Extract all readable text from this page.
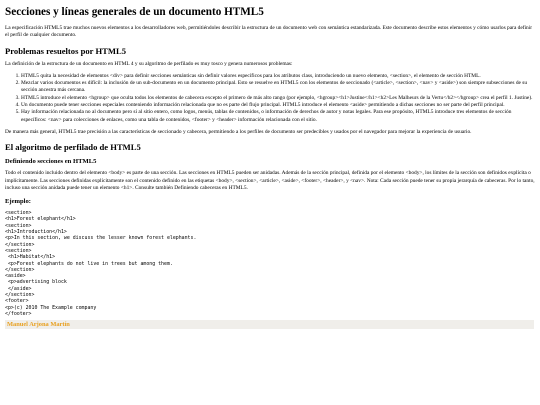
Secciones y líneas generales de un documento HTML5

La especificación HTML5 trae muchos nuevos elementos a los desarrolladores web, permitiéndoles describir la estructura de un documento web con semántica estandarizada. Este documento describe estos elementos y cómo usarlos para definir el perfil de cualquier documento.

Problemas resueltos por HTML5

La definición de la estructura de un documento en HTML 4 y su algoritmo de perfilado es muy tosco y genera numerosos problemas:

1. HTML5 quita la necesidad de elementos <div> para definir secciones semánticas sin definir valores específicos para los atributos class, introduciendo un nuevo elemento, <section>, el elemento de sección HTML.
2. Mezclar varios documentos es difícil: la inclusión de un sub-documento en un documento principal. Esto se resuelve en HTML5 con los elementos de seccionado (<article>, <section>, <nav> y <aside>) son siempre subsecciones de su sección ancestra más cercana.
3. HTML5 introduce el elemento <hgroup> que oculta todos los elementos de cabecera excepto el primero de más alto rango (por ejemplo, <hgroup><h1>Justine</h1><h2>Les Malheurs de la Vertu</h2></hgroup> crea el perfil 1. Justine).
4. Un documento puede tener secciones especiales conteniendo información relacionada que no es parte del flujo principal. HTML5 introduce el elemento <aside> permitiendo a dichas secciones no ser parte del perfil principal.
5. Hay información relacionada no al documento pero sí al sitio entero, como logos, menús, tablas de contenidos, o información de derechos de autor y notas legales. Para ese propósito, HTML5 introduce tres elementos de sección específicos: <nav> para colecciones de enlaces, como una tabla de contenidos, <footer> y <header> información relacionada con el sitio.

De manera más general, HTML5 trae precisión a las características de seccionado y cabecera, permitiendo a los perfiles de documento ser predecibles y usados por el navegador para mejorar la experiencia de usuario.

El algoritmo de perfilado de HTML5
Definiendo secciones en HTML5

Todo el contenido incluido dentro del elemento <body> es parte de una sección. Las secciones en HTML5 pueden ser anidadas. Además de la sección principal, definida por el elemento <body>, los límites de la sección son definidos explícita o implícitamente. Las secciones definidas explícitamente son el contenido definido en las etiquetas <body>, <section>, <article>, <aside>, <footer>, <header>, y <nav>. Nota: Cada sección puede tener su propia jerarquía de cabeceras. Por lo tanto, incluso una sección anidada puede tener un elemento <h1>. Consulte también Definiendo cabeceras en HTML5.

Ejemplo:
<section>
<h1>Forest elephant</h1>
<section>
<h1>Introduction</h1>
<p>In this section, we discuss the lesser known forest elephants.
</section>
<section>
<h1>Habitat</h1>
<p>Forest elephants do not live in trees but among them.
</section>
<aside>
<p>advertising block
</aside>
</section>
<footer>
<p>(c) 2010 The Example company
</footer>
Manuel Arjona Martín
